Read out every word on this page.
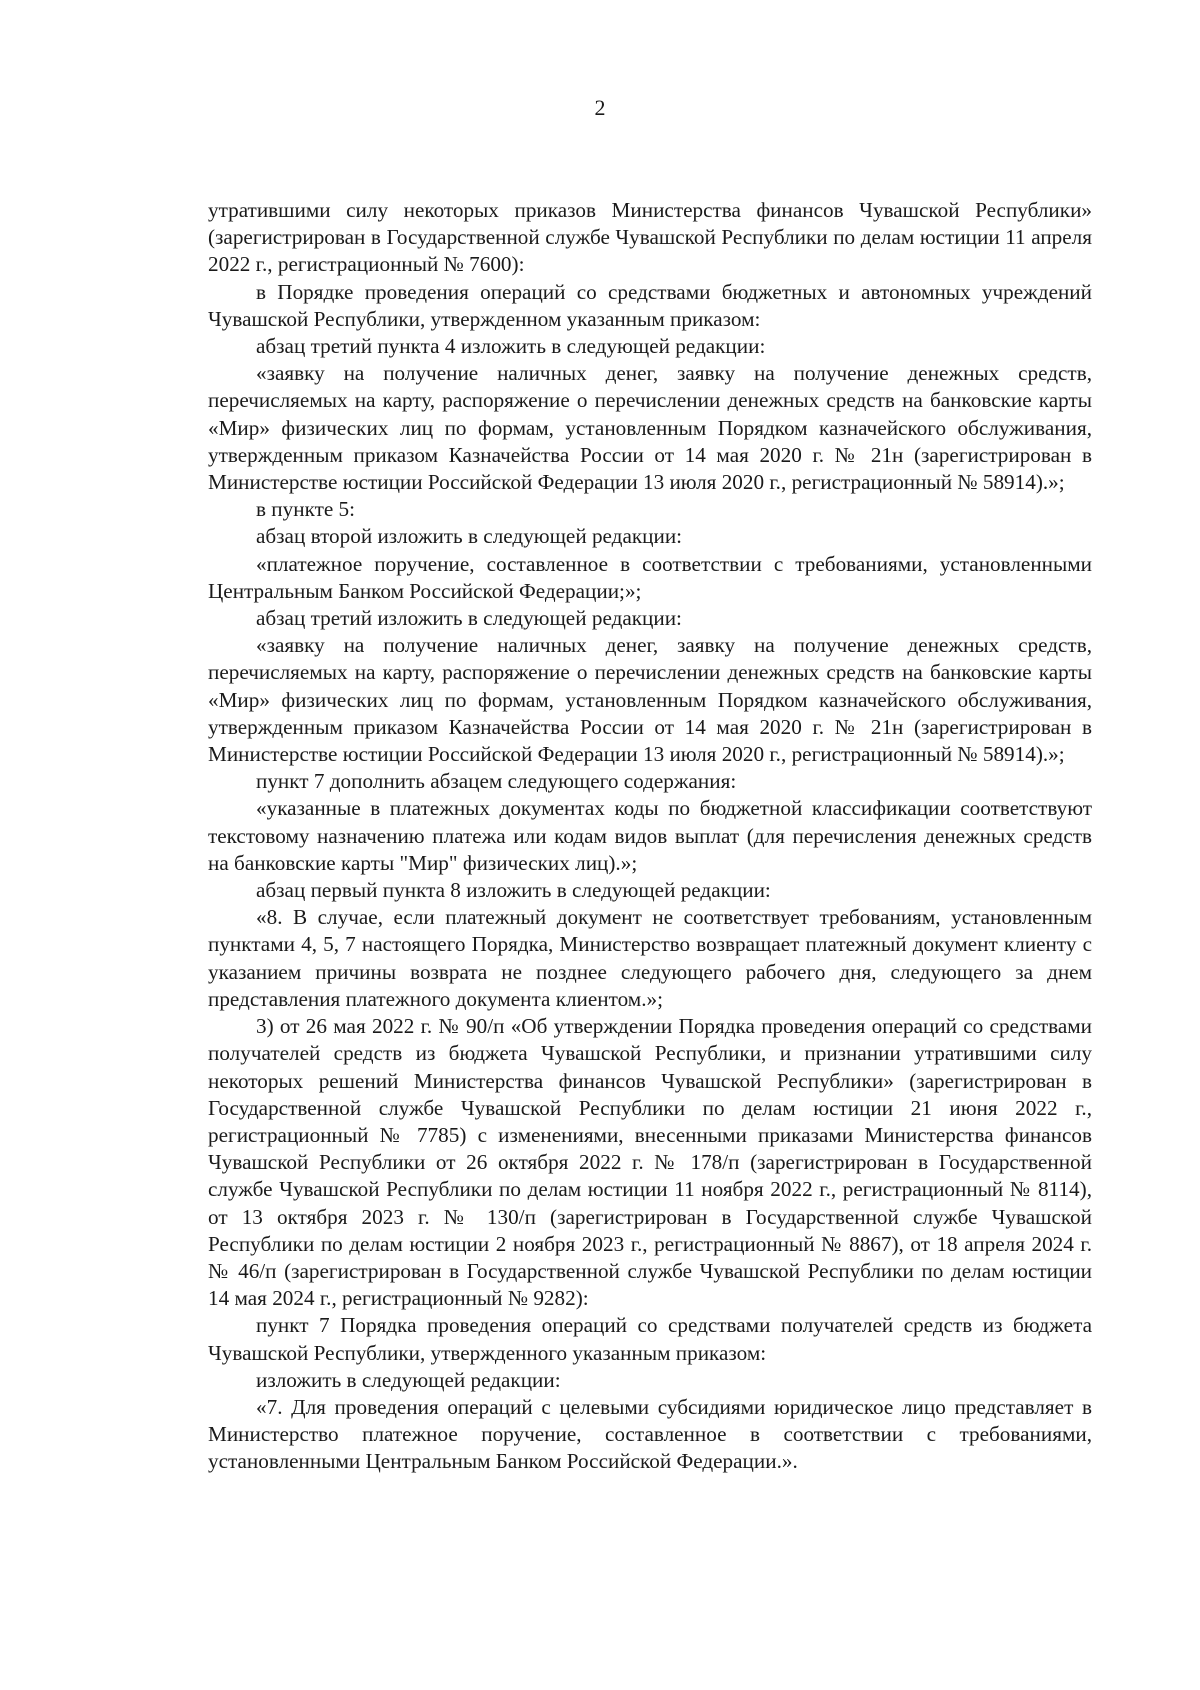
2

утратившими силу некоторых приказов Министерства финансов Чувашской Республики» (зарегистрирован в Государственной службе Чувашской Республики по делам юстиции 11 апреля 2022 г., регистрационный № 7600):

в Порядке проведения операций со средствами бюджетных и автономных учреждений Чувашской Республики, утвержденном указанным приказом:

абзац третий пункта 4 изложить в следующей редакции:

«заявку на получение наличных денег, заявку на получение денежных средств, перечисляемых на карту, распоряжение о перечислении денежных средств на банковские карты «Мир» физических лиц по формам, установленным Порядком казначейского обслуживания, утвержденным приказом Казначейства России от 14 мая 2020 г. № 21н (зарегистрирован в Министерстве юстиции Российской Федерации 13 июля 2020 г., регистрационный № 58914).»;

в пункте 5:

абзац второй изложить в следующей редакции:

«платежное поручение, составленное в соответствии с требованиями, установленными Центральным Банком Российской Федерации;»;

абзац третий изложить в следующей редакции:

«заявку на получение наличных денег, заявку на получение денежных средств, перечисляемых на карту, распоряжение о перечислении денежных средств на банковские карты «Мир» физических лиц по формам, установленным Порядком казначейского обслуживания, утвержденным приказом Казначейства России от 14 мая 2020 г. № 21н (зарегистрирован в Министерстве юстиции Российской Федерации 13 июля 2020 г., регистрационный № 58914).»;

пункт 7 дополнить абзацем следующего содержания:

«указанные в платежных документах коды по бюджетной классификации соответствуют текстовому назначению платежа или кодам видов выплат (для перечисления денежных средств на банковские карты "Мир" физических лиц).»;

абзац первый пункта 8 изложить в следующей редакции:

«8. В случае, если платежный документ не соответствует требованиям, установленным пунктами 4, 5, 7 настоящего Порядка, Министерство возвращает платежный документ клиенту с указанием причины возврата не позднее следующего рабочего дня, следующего за днем представления платежного документа клиентом.»;

3) от 26 мая 2022 г. № 90/п «Об утверждении Порядка проведения операций со средствами получателей средств из бюджета Чувашской Республики, и признании утратившими силу некоторых решений Министерства финансов Чувашской Республики» (зарегистрирован в Государственной службе Чувашской Республики по делам юстиции 21 июня 2022 г., регистрационный № 7785) с изменениями, внесенными приказами Министерства финансов Чувашской Республики от 26 октября 2022 г. № 178/п (зарегистрирован в Государственной службе Чувашской Республики по делам юстиции 11 ноября 2022 г., регистрационный № 8114), от 13 октября 2023 г. № 130/п (зарегистрирован в Государственной службе Чувашской Республики по делам юстиции 2 ноября 2023 г., регистрационный № 8867), от 18 апреля 2024 г. № 46/п (зарегистрирован в Государственной службе Чувашской Республики по делам юстиции 14 мая 2024 г., регистрационный № 9282):

пункт 7 Порядка проведения операций со средствами получателей средств из бюджета Чувашской Республики, утвержденного указанным приказом:

изложить в следующей редакции:

«7. Для проведения операций с целевыми субсидиями юридическое лицо представляет в Министерство платежное поручение, составленное в соответствии с требованиями, установленными Центральным Банком Российской Федерации.».
